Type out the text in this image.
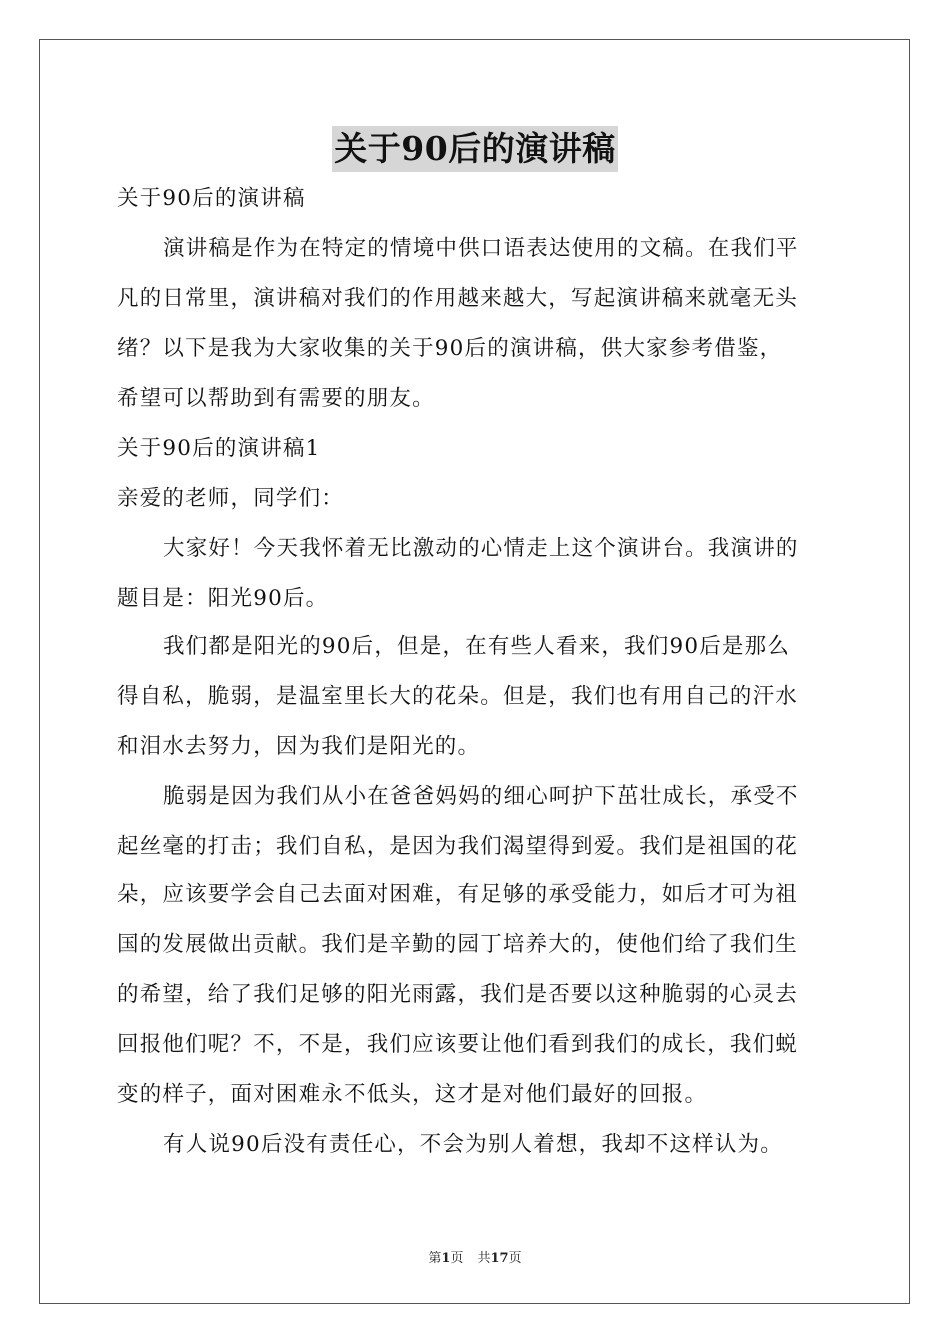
关于90后的演讲稿
关于90后的演讲稿
演讲稿是作为在特定的情境中供口语表达使用的文稿。在我们平
凡的日常里，演讲稿对我们的作用越来越大，写起演讲稿来就毫无头
绪？以下是我为大家收集的关于90后的演讲稿，供大家参考借鉴，
希望可以帮助到有需要的朋友。
关于90后的演讲稿1
亲爱的老师，同学们：
大家好！今天我怀着无比激动的心情走上这个演讲台。我演讲的
题目是：阳光90后。
我们都是阳光的90后，但是，在有些人看来，我们90后是那么
得自私，脆弱，是温室里长大的花朵。但是，我们也有用自己的汗水
和泪水去努力，因为我们是阳光的。
脆弱是因为我们从小在爸爸妈妈的细心呵护下茁壮成长，承受不
起丝毫的打击；我们自私，是因为我们渴望得到爱。我们是祖国的花
朵，应该要学会自己去面对困难，有足够的承受能力，如后才可为祖
国的发展做出贡献。我们是辛勤的园丁培养大的，使他们给了我们生
的希望，给了我们足够的阳光雨露，我们是否要以这种脆弱的心灵去
回报他们呢？不，不是，我们应该要让他们看到我们的成长，我们蜕
变的样子，面对困难永不低头，这才是对他们最好的回报。
有人说90后没有责任心，不会为别人着想，我却不这样认为。
第1页 共17页
